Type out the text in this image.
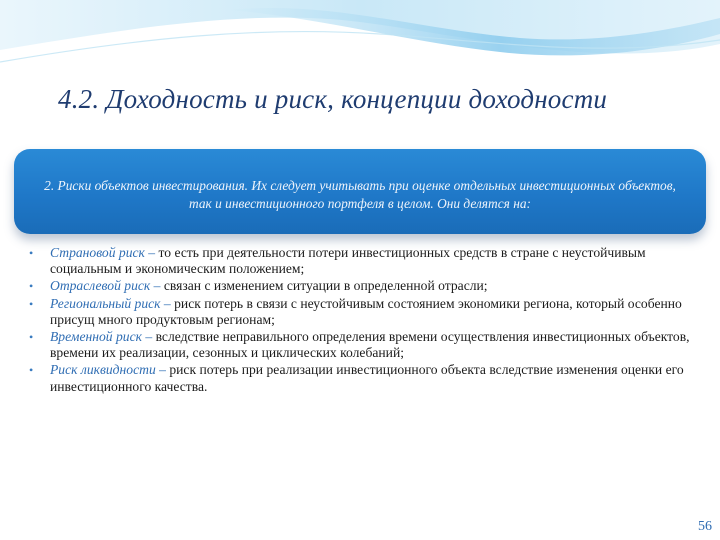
4.2. Доходность и риск, концепции доходности
2. Риски объектов инвестирования. Их следует учитывать при оценке отдельных инвестиционных объектов, так и инвестиционного портфеля в целом. Они делятся на:
• Страновой риск – то есть при деятельности потери инвестиционных средств в стране с неустойчивым социальным и экономическим положением;
• Отраслевой риск – связан с изменением ситуации в определенной отрасли;
• Региональный риск – риск потерь в связи с неустойчивым состоянием экономики региона, который особенно присущ много продуктовым регионам;
• Временной риск – вследствие неправильного определения времени осуществления инвестиционных объектов, времени их реализации, сезонных и циклических колебаний;
• Риск ликвидности – риск потерь при реализации инвестиционного объекта вследствие изменения оценки его инвестиционного качества.
56
